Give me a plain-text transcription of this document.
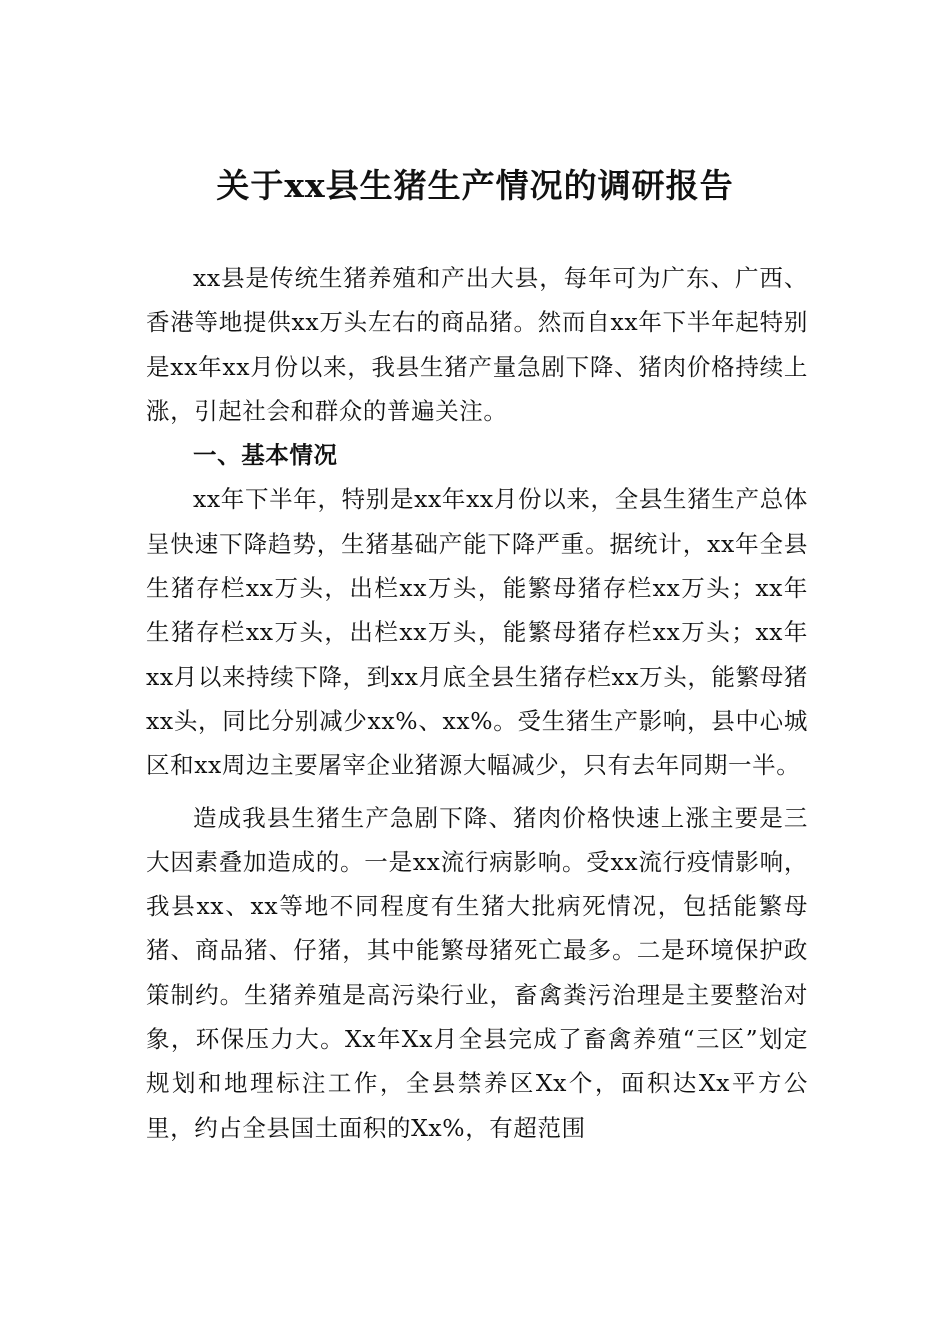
关于xx县生猪生产情况的调研报告

xx县是传统生猪养殖和产出大县，每年可为广东、广西、香港等地提供xx万头左右的商品猪。然而自xx年下半年起特别是xx年xx月份以来，我县生猪产量急剧下降、猪肉价格持续上涨，引起社会和群众的普遍关注。

一、基本情况

xx年下半年，特别是xx年xx月份以来，全县生猪生产总体呈快速下降趋势，生猪基础产能下降严重。据统计，xx年全县生猪存栏xx万头，出栏xx万头，能繁母猪存栏xx万头；xx年生猪存栏xx万头，出栏xx万头，能繁母猪存栏xx万头；xx年xx月以来持续下降，到xx月底全县生猪存栏xx万头，能繁母猪xx头，同比分别减少xx%、xx%。受生猪生产影响，县中心城区和xx周边主要屠宰企业猪源大幅减少，只有去年同期一半。

造成我县生猪生产急剧下降、猪肉价格快速上涨主要是三大因素叠加造成的。一是xx流行病影响。受xx流行疫情影响，我县xx、xx等地不同程度有生猪大批病死情况，包括能繁母猪、商品猪、仔猪，其中能繁母猪死亡最多。二是环境保护政策制约。生猪养殖是高污染行业，畜禽粪污治理是主要整治对象，环保压力大。Xx年Xx月全县完成了畜禽养殖“三区”划定规划和地理标注工作，全县禁养区Xx个，面积达Xx平方公里，约占全县国土面积的Xx%，有超范围
